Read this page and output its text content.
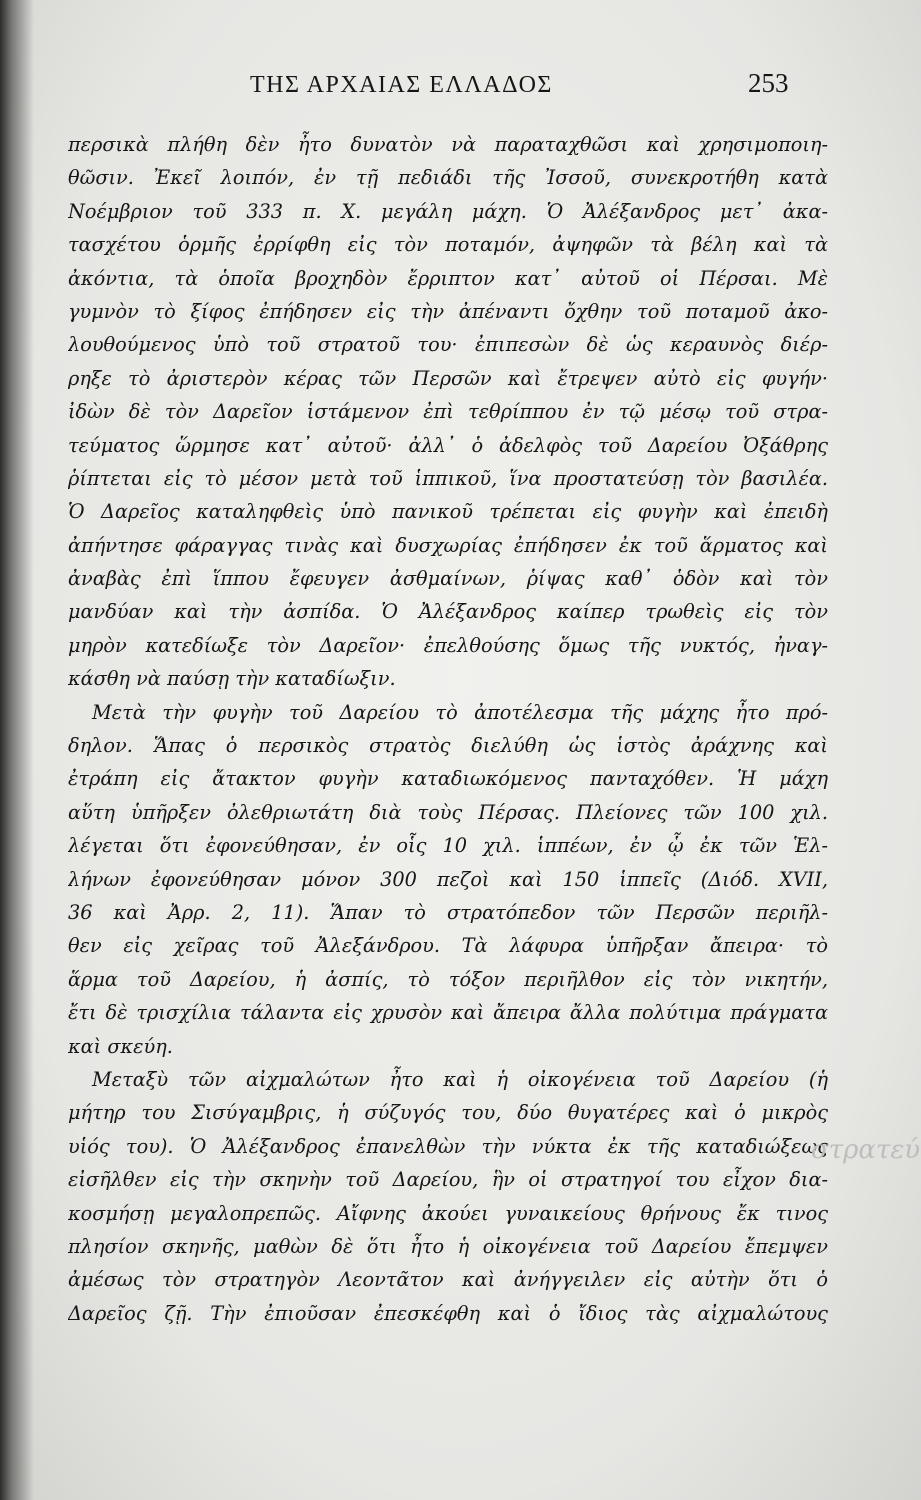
ΤΗΣ ΑΡΧΑΙΑΣ ΕΛΛΑΔΟΣ	253
περσικὰ πλήθη δὲν ἦτο δυνατὸν νὰ παραταχθῶσι καὶ χρησιμοποιη-
θῶσιν. Ἐκεῖ λοιπόν, ἐν τῇ πεδιάδι τῆς Ἰσσοῦ, συνεκροτήθη κατὰ
Νοέμβριον τοῦ 333 π. Χ. μεγάλη μάχη. Ὁ Ἀλέξανδρος μετ᾽ ἀκα-
τασχέτου ὁρμῆς ἐρρίφθη εἰς τὸν ποταμόν, ἀψηφῶν τὰ βέλη καὶ τὰ
ἀκόντια, τὰ ὁποῖα βροχηδὸν ἔρριπτον κατ᾽ αὐτοῦ οἱ Πέρσαι. Μὲ
γυμνὸν τὸ ξίφος ἐπήδησεν εἰς τὴν ἀπέναντι ὄχθην τοῦ ποταμοῦ ἀκο-
λουθούμενος ὑπὸ τοῦ στρατοῦ του· ἐπιπεσὼν δὲ ὡς κεραυνὸς διέρ-
ρηξε τὸ ἀριστερὸν κέρας τῶν Περσῶν καὶ ἔτρεψεν αὐτὸ εἰς φυγήν·
ἰδὼν δὲ τὸν Δαρεῖον ἱστάμενον ἐπὶ τεθρίππου ἐν τῷ μέσῳ τοῦ στρα-
τεύματος ὥρμησε κατ᾽ αὐτοῦ· ἀλλ᾽ ὁ ἀδελφὸς τοῦ Δαρείου Ὀξάθρης
ῥίπτεται εἰς τὸ μέσον μετὰ τοῦ ἱππικοῦ, ἵνα προστατεύσῃ τὸν βασιλέα.
Ὁ Δαρεῖος καταληφθεὶς ὑπὸ πανικοῦ τρέπεται εἰς φυγὴν καὶ ἐπειδὴ
ἀπήντησε φάραγγας τινὰς καὶ δυσχωρίας ἐπήδησεν ἐκ τοῦ ἅρματος καὶ
ἀναβὰς ἐπὶ ἵππου ἔφευγεν ἀσθμαίνων, ῥίψας καθ᾽ ὁδὸν καὶ τὸν
μανδύαν καὶ τὴν ἀσπίδα. Ὁ Ἀλέξανδρος καίπερ τρωθεὶς εἰς τὸν
μηρὸν κατεδίωξε τὸν Δαρεῖον· ἐπελθούσης ὅμως τῆς νυκτός, ἠναγ-
κάσθη νὰ παύσῃ τὴν καταδίωξιν.
Μετὰ τὴν φυγὴν τοῦ Δαρείου τὸ ἀποτέλεσμα τῆς μάχης ἦτο πρό-
δηλον. Ἅπας ὁ περσικὸς στρατὸς διελύθη ὡς ἱστὸς ἀράχνης καὶ
ἐτράπη εἰς ἄτακτον φυγὴν καταδιωκόμενος πανταχόθεν. Ἡ μάχη
αὕτη ὑπῆρξεν ὀλεθριωτάτη διὰ τοὺς Πέρσας. Πλείονες τῶν 100 χιλ.
λέγεται ὅτι ἐφονεύθησαν, ἐν οἷς 10 χιλ. ἱππέων, ἐν ᾧ ἐκ τῶν Ἑλ-
λήνων ἐφονεύθησαν μόνον 300 πεζοὶ καὶ 150 ἱππεῖς (Διόδ. XVII,
36 καὶ Ἀρρ. 2, 11). Ἅπαν τὸ στρατόπεδον τῶν Περσῶν περιῆλ-
θεν εἰς χεῖρας τοῦ Ἀλεξάνδρου. Τὰ λάφυρα ὑπῆρξαν ἄπειρα· τὸ
ἅρμα τοῦ Δαρείου, ἡ ἀσπίς, τὸ τόξον περιῆλθον εἰς τὸν νικητήν,
ἔτι δὲ τρισχίλια τάλαντα εἰς χρυσὸν καὶ ἄπειρα ἄλλα πολύτιμα πράγματα
καὶ σκεύη.
Μεταξὺ τῶν αἰχμαλώτων ἦτο καὶ ἡ οἰκογένεια τοῦ Δαρείου (ἡ
μήτηρ του Σισύγαμβρις, ἡ σύζυγός του, δύο θυγατέρες καὶ ὁ μικρὸς
υἱός του). Ὁ Ἀλέξανδρος ἐπανελθὼν τὴν νύκτα ἐκ τῆς καταδιώξεως
εἰσῆλθεν εἰς τὴν σκηνὴν τοῦ Δαρείου, ἣν οἱ στρατηγοί του εἶχον δια-
κοσμήσῃ μεγαλοπρεπῶς. Αἴφνης ἀκούει γυναικείους θρήνους ἔκ τινος
πλησίον σκηνῆς, μαθὼν δὲ ὅτι ἦτο ἡ οἰκογένεια τοῦ Δαρείου ἔπεμψεν
ἀμέσως τὸν στρατηγὸν Λεοντᾶτον καὶ ἀνήγγειλεν εἰς αὐτὴν ὅτι ὁ
Δαρεῖος ζῇ. Τὴν ἐπιοῦσαν ἐπεσκέφθη καὶ ὁ ἴδιος τὰς αἰχμαλώτους
στρατεύ
